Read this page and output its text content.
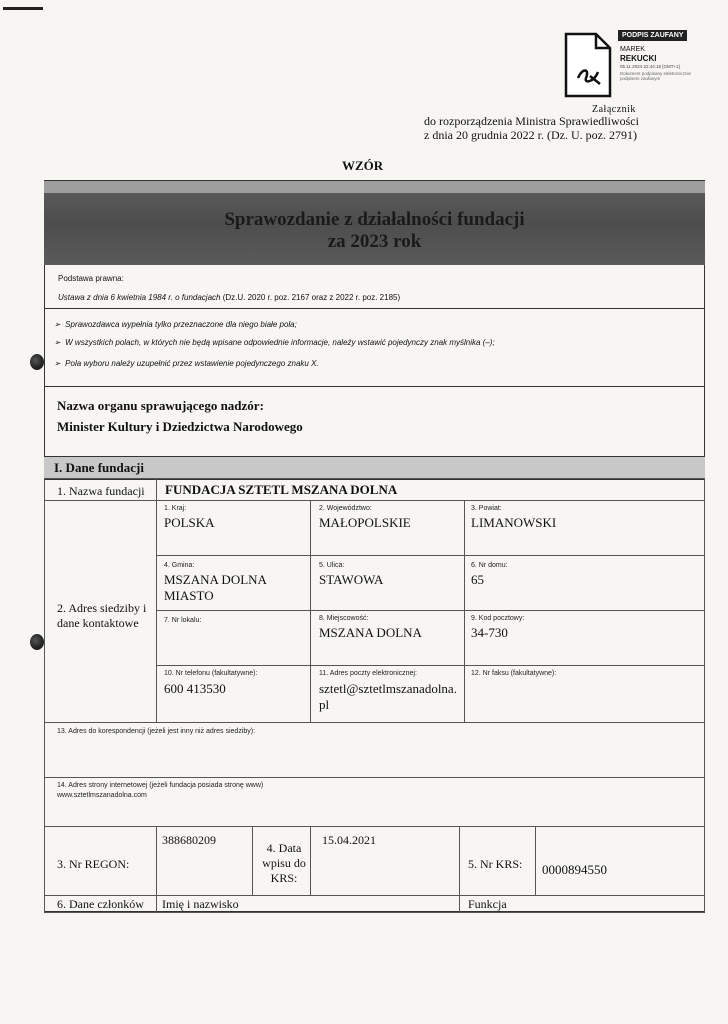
PODPIS ZAUFANY
MAREK
REKUCKI
05.11.2024 22:44:18 [GMT+1]
Dokument podpisany elektronicznie
podpisem zaufanym
Załącznik
do rozporządzenia Ministra Sprawiedliwości
z dnia 20 grudnia 2022 r. (Dz. U. poz. 2791)
WZÓR
Sprawozdanie z działalności fundacji
za 2023 rok
Podstawa prawna:
Ustawa z dnia 6 kwietnia 1984 r. o fundacjach (Dz.U. 2020 r. poz. 2167 oraz z 2022 r. poz. 2185)
➢  Sprawozdawca wypełnia tylko przeznaczone dla niego białe pola;
➢  W wszystkich polach, w których nie będą wpisane odpowiednie informacje, należy wstawić pojedynczy znak myślnika (–);
➢  Pola wyboru należy uzupełnić przez wstawienie pojedynczego znaku X.
Nazwa organu sprawującego nadzór:
Minister Kultury i Dziedzictwa Narodowego
I. Dane fundacji
1. Nazwa fundacji FUNDACJA SZTETL MSZANA DOLNA
2. Adres siedziby i dane kontaktowe
1. Kraj:
POLSKA
2. Województwo:
MAŁOPOLSKIE
3. Powiat:
LIMANOWSKI
4. Gmina:
MSZANA DOLNA MIASTO
5. Ulica:
STAWOWA
6. Nr domu:
65
7. Nr lokalu:	8. Miejscowość:
MSZANA DOLNA
9. Kod pocztowy:
34-730
10. Nr telefonu (fakultatywne):
600 413530
11. Adres poczty elektronicznej:
sztetl@sztetlmszanadolna.pl
12. Nr faksu (fakultatywne):
13. Adres do korespondencji (jeżeli jest inny niż adres siedziby):
14. Adres strony internetowej (jeżeli fundacja posiada stronę www)
www.sztetlmszanadolna.com
3. Nr REGON:
388680209
4. Data wpisu do KRS:
15.04.2021
5. Nr KRS: 0000894550
6. Dane członków Imię i nazwisko	Funkcja
